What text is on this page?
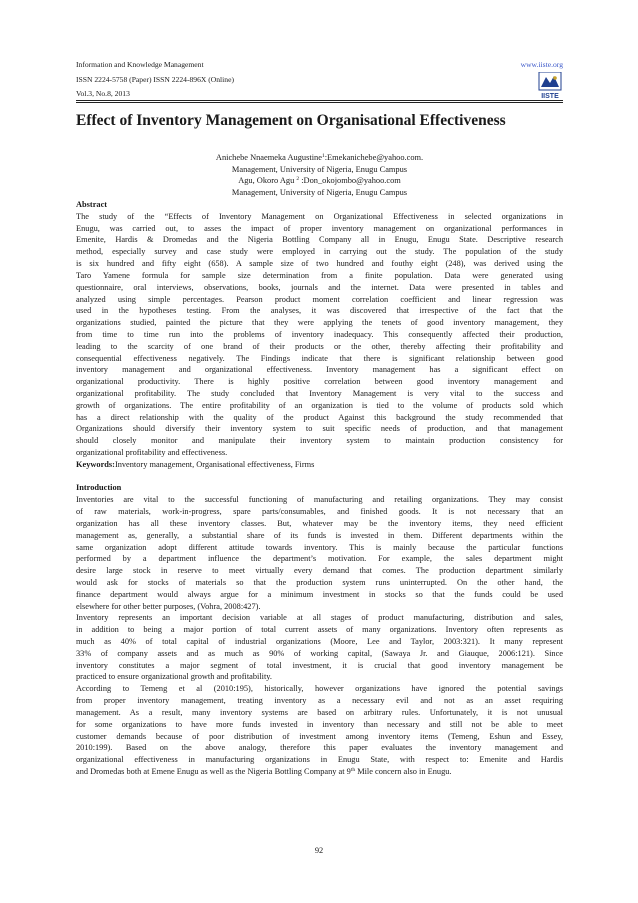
Information and Knowledge Management	www.iiste.org
IISTE
ISSN 2224-5758 (Paper) ISSN 2224-896X (Online)
Vol.3, No.8, 2013
Effect of Inventory Management on Organisational Effectiveness
Anichebe Nnaemeka Augustine$^1$:Emekanichebe@yahoo.com.
Management, University of Nigeria, Enugu Campus
Agu, Okoro Agu $^2$ :Don_okojombo@yahoo.com
Management, University of Nigeria, Enugu Campus
Abstract
The study of the “Effects of Inventory Management on Organizational Effectiveness in selected organizations in
Enugu, was carried out, to asses the impact of proper inventory management on organizational performances in
Emenite, Hardis & Dromedas and the Nigeria Bottling Company all in Enugu, Enugu State. Descriptive research
method, especially survey and case study were employed in carrying out the study. The population of the study
is six hundred and fifty eight (658). A sample size of two hundred and fouthy eight (248), was derived using the
Taro Yamene formula for sample size determination from a finite population. Data were generated using
questionnaire, oral interviews, observations, books, journals and the internet. Data were presented in tables and
analyzed using simple percentages. Pearson product moment correlation coefficient and linear regression was
used in the hypotheses testing. From the analyses, it was discovered that irrespective of the fact that the
organizations studied, painted the picture that they were applying the tenets of good inventory management, they
from time to time run into the problems of inventory inadequacy. This consequently affected their production,
leading to the scarcity of one brand of their products or the other, thereby affecting their profitability and
consequential effectiveness negatively. The Findings indicate that there is significant relationship between good
inventory management and organizational effectiveness. Inventory management has a significant effect on
organizational productivity. There is highly positive correlation between good inventory management and
organizational profitability. The study concluded that Inventory Management is very vital to the success and
growth of organizations. The entire profitability of an organization is tied to the volume of products sold which
has a direct relationship with the quality of the product Against this background the study recommended that
Organizations should diversify their inventory system to suit specific needs of production, and that management
should closely monitor and manipulate their inventory system to maintain production consistency for
organizational profitability and effectiveness.
Keywords:Inventory management, Organisational effectiveness, Firms
Introduction
Inventories are vital to the successful functioning of manufacturing and retailing organizations. They may consist
of raw materials, work-in-progress, spare parts/consumables, and finished goods. It is not necessary that an
organization has all these inventory classes. But, whatever may be the inventory items, they need efficient
management as, generally, a substantial share of its funds is invested in them. Different departments within the
same organization adopt different attitude towards inventory. This is mainly because the particular functions
performed by a department influence the department’s motivation. For example, the sales department might
desire large stock in reserve to meet virtually every demand that comes. The production department similarly
would ask for stocks of materials so that the production system runs uninterrupted. On the other hand, the
finance department would always argue for a minimum investment in stocks so that the funds could be used
elsewhere for other better purposes, (Vohra, 2008:427).
Inventory represents an important decision variable at all stages of product manufacturing, distribution and sales,
in addition to being a major portion of total current assets of many organizations. Inventory often represents as
much as 40% of total capital of industrial organizations (Moore, Lee and Taylor, 2003:321). It many represent
33% of company assets and as much as 90% of working capital, (Sawaya Jr. and Giauque, 2006:121). Since
inventory constitutes a major segment of total investment, it is crucial that good inventory management be
practiced to ensure organizational growth and profitability.
According to Temeng et al (2010:195), historically, however organizations have ignored the potential savings
from proper inventory management, treating inventory as a necessary evil and not as an asset requiring
management. As a result, many inventory systems are based on arbitrary rules. Unfortunately, it is not unusual
for some organizations to have more funds invested in inventory than necessary and still not be able to meet
customer demands because of poor distribution of investment among inventory items (Temeng, Eshun and Essey,
2010:199). Based on the above analogy, therefore this paper evaluates the inventory management and
organizational effectiveness in manufacturing organizations in Enugu State, with respect to: Emenite and Hardis
and Dromedas both at Emene Enugu as well as the Nigeria Bottling Company at 9th Mile concern also in Enugu.
92
